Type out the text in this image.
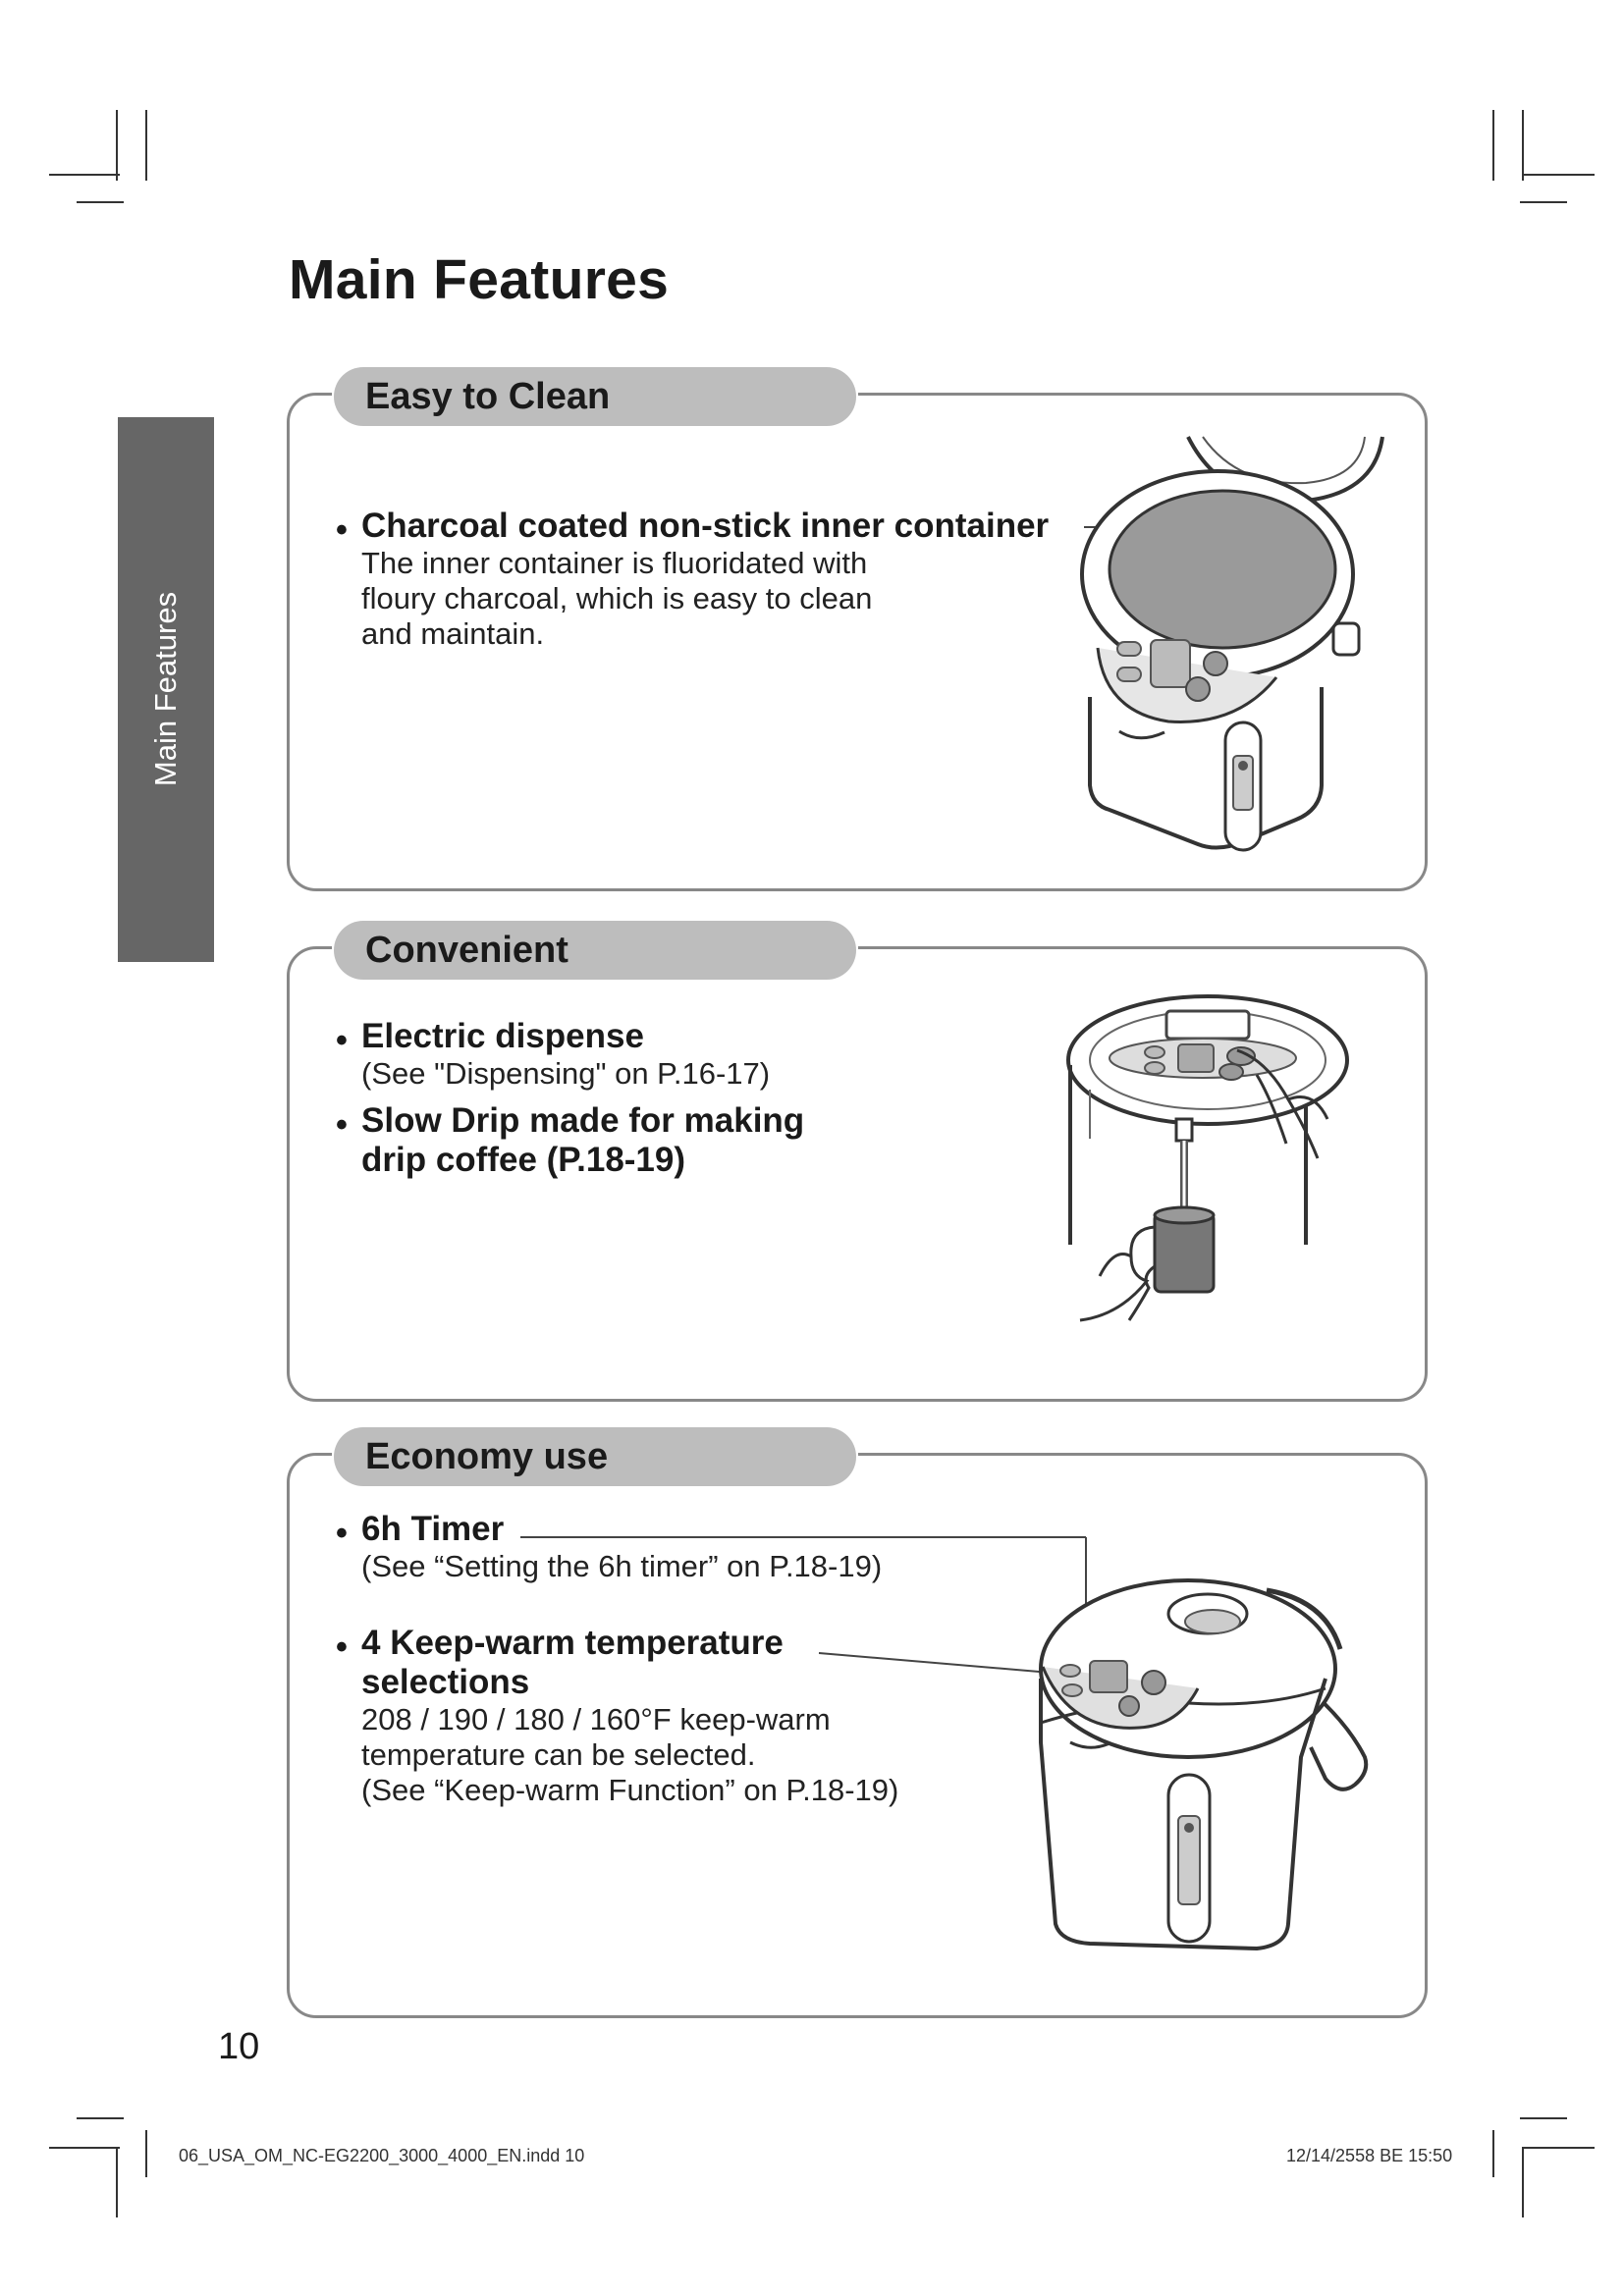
Main Features
Main Features
Easy to Clean
• Charcoal coated non-stick inner container

The inner container is fluoridated with

floury charcoal, which is easy to clean

and maintain.

Convenient
• Electric dispense

(See "Dispensing" on P.16-17)

• Slow Drip made for making

drip coffee (P.18-19)

Economy use
• 6h Timer

(See “Setting the 6h timer” on P.18-19)

• 4 Keep-warm temperature

selections

208 / 190 / 180 / 160°F keep-warm

temperature can be selected.

(See “Keep-warm Function” on P.18-19)

10
06_USA_OM_NC-EG2200_3000_4000_EN.indd 10	12/14/2558 BE 15:50
